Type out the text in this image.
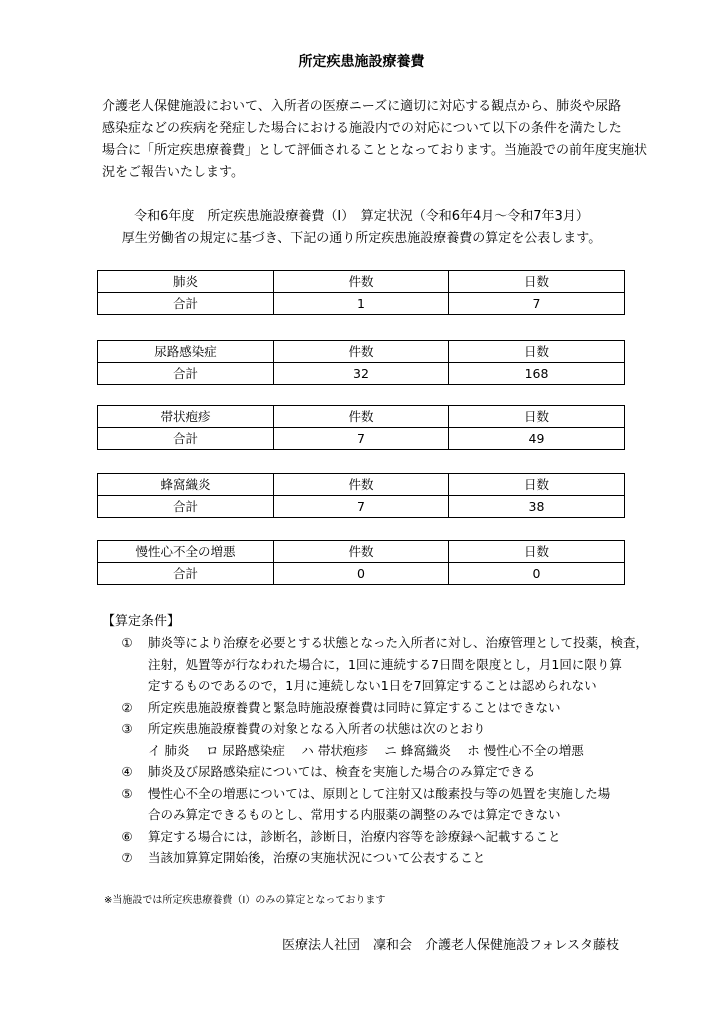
所定疾患施設療養費
介護老人保健施設において、入所者の医療ニーズに適切に対応する観点から、肺炎や尿路
感染症などの疾病を発症した場合における施設内での対応について以下の条件を満たした
場合に「所定疾患療養費」として評価されることとなっております。当施設での前年度実施状
況をご報告いたします。
令和6年度　所定疾患施設療養費（Ⅰ）　算定状況（令和6年4月～令和7年3月）
厚生労働省の規定に基づき、下記の通り所定疾患施設療養費の算定を公表します。
肺炎	件数	日数
合計	1	7
尿路感染症	件数	日数
合計	32	168
帯状疱疹	件数	日数
合計	7	49
蜂窩織炎	件数	日数
合計	7	38
慢性心不全の増悪	件数	日数
合計	0	0
【算定条件】
①	肺炎等により治療を必要とする状態となった入所者に対し、治療管理として投薬，検査，
注射，処置等が行なわれた場合に，1回に連続する7日間を限度とし，月1回に限り算
定するものであるので，1月に連続しない1日を7回算定することは認められない
②	所定疾患施設療養費と緊急時施設療養費は同時に算定することはできない
③	所定疾患施設療養費の対象となる入所者の状態は次のとおり
イ 肺炎　 ロ 尿路感染症　 ハ 帯状疱疹　 ニ 蜂窩織炎　 ホ 慢性心不全の増悪
④	肺炎及び尿路感染症については、検査を実施した場合のみ算定できる
⑤	慢性心不全の増悪については、原則として注射又は酸素投与等の処置を実施した場
合のみ算定できるものとし、常用する内服薬の調整のみでは算定できない
⑥	算定する場合には，診断名，診断日，治療内容等を診療録へ記載すること
⑦	当該加算算定開始後，治療の実施状況について公表すること
※当施設では所定疾患療養費（Ⅰ）のみの算定となっております
医療法人社団　凜和会　介護老人保健施設フォレスタ藤枝
